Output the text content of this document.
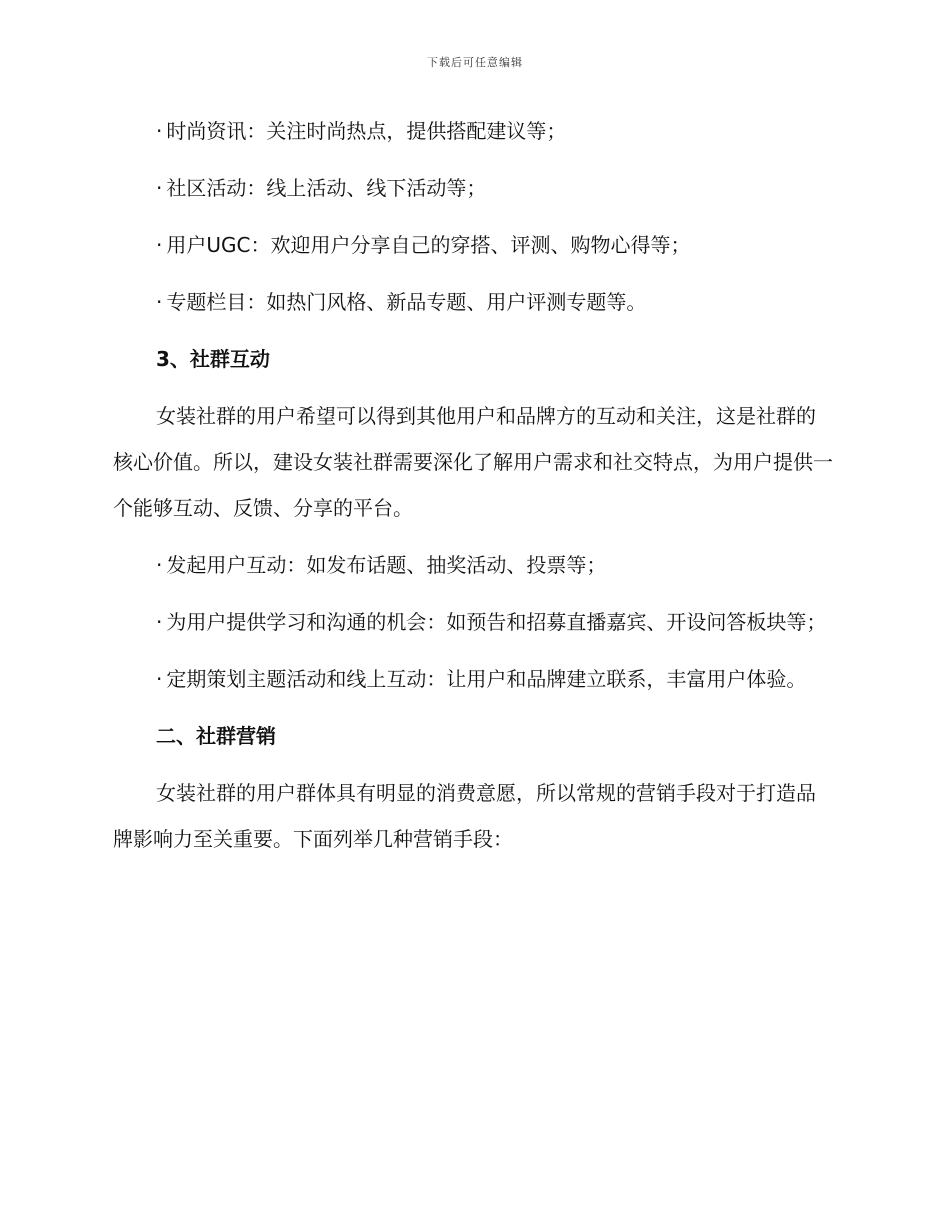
下载后可任意编辑

· 时尚资讯：关注时尚热点，提供搭配建议等；

· 社区活动：线上活动、线下活动等；

· 用户UGC：欢迎用户分享自己的穿搭、评测、购物心得等；

· 专题栏目：如热门风格、新品专题、用户评测专题等。

3、社群互动

女装社群的用户希望可以得到其他用户和品牌方的互动和关注，这是社群的核心价值。所以，建设女装社群需要深化了解用户需求和社交特点，为用户提供一个能够互动、反馈、分享的平台。

· 发起用户互动：如发布话题、抽奖活动、投票等；

· 为用户提供学习和沟通的机会：如预告和招募直播嘉宾、开设问答板块等；

· 定期策划主题活动和线上互动：让用户和品牌建立联系，丰富用户体验。

二、社群营销

女装社群的用户群体具有明显的消费意愿，所以常规的营销手段对于打造品牌影响力至关重要。下面列举几种营销手段：
